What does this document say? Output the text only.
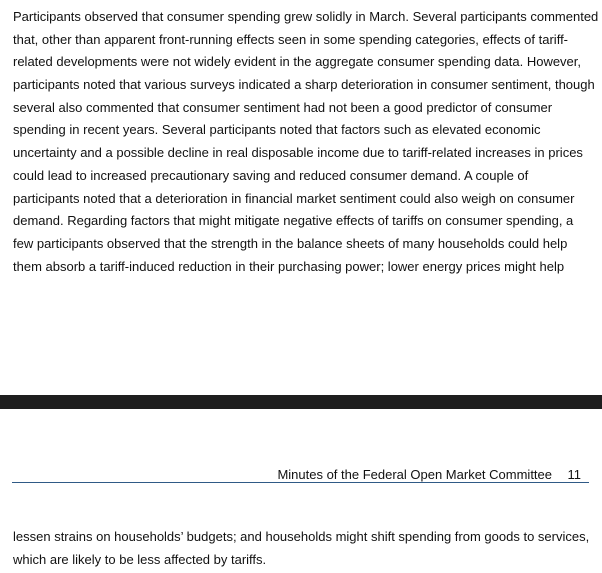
Participants observed that consumer spending grew solidly in March. Several participants commented
that, other than apparent front-running effects seen in some spending categories, effects of tariff-
related developments were not widely evident in the aggregate consumer spending data. However,
participants noted that various surveys indicated a sharp deterioration in consumer sentiment, though
several also commented that consumer sentiment had not been a good predictor of consumer
spending in recent years. Several participants noted that factors such as elevated economic
uncertainty and a possible decline in real disposable income due to tariff-related increases in prices
could lead to increased precautionary saving and reduced consumer demand. A couple of
participants noted that a deterioration in financial market sentiment could also weigh on consumer
demand. Regarding factors that might mitigate negative effects of tariffs on consumer spending, a
few participants observed that the strength in the balance sheets of many households could help
them absorb a tariff-induced reduction in their purchasing power; lower energy prices might help
Minutes of the Federal Open Market Committee 11
lessen strains on households’ budgets; and households might shift spending from goods to services,
which are likely to be less affected by tariffs.
